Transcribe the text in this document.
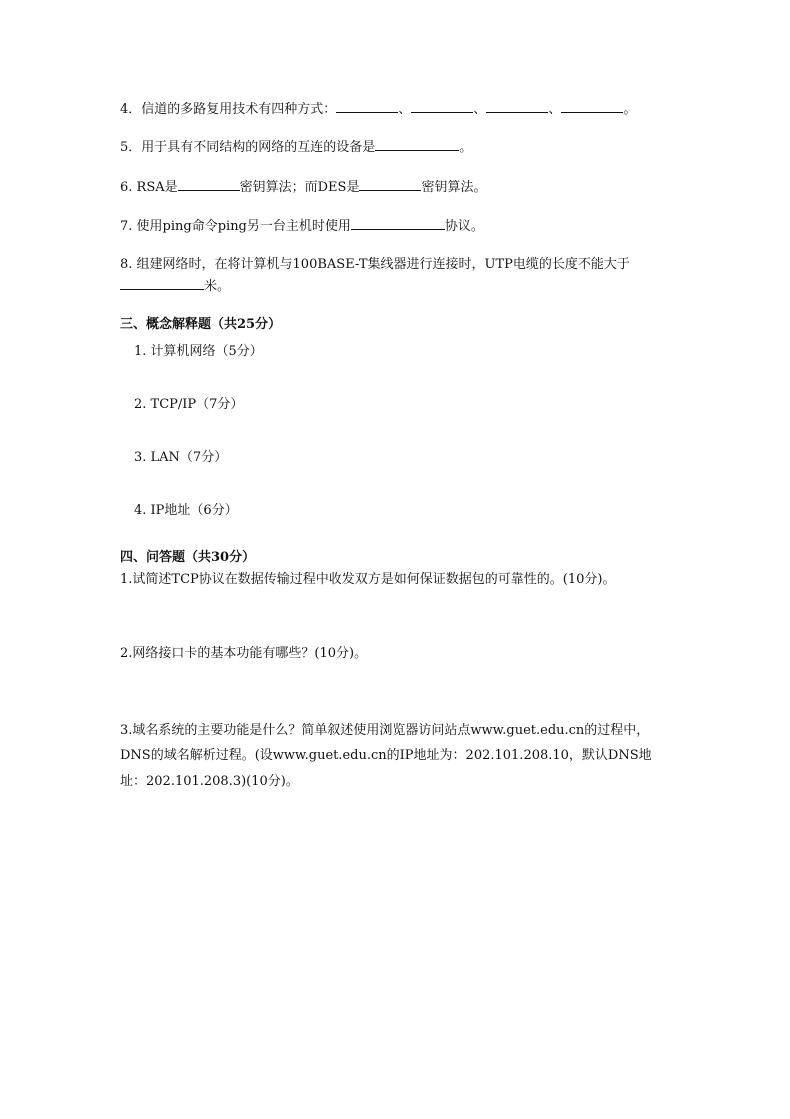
4．信道的多路复用技术有四种方式：	、	、	、	。
5．用于具有不同结构的网络的互连的设备是	。
6. RSA是	密钥算法；而DES是	密钥算法。
7. 使用ping命令ping另一台主机时使用	协议。
8. 组建网络时，在将计算机与100BASE-T集线器进行连接时，UTP电缆的长度不能大于
米。
三、概念解释题（共25分）
1. 计算机网络（5分）
2. TCP/IP（7分）
3. LAN（7分）
4. IP地址（6分）
四、问答题（共30分）
1.试简述TCP协议在数据传输过程中收发双方是如何保证数据包的可靠性的。(10分)。
2.网络接口卡的基本功能有哪些？(10分)。
3.域名系统的主要功能是什么？简单叙述使用浏览器访问站点www.guet.edu.cn的过程中，
DNS的域名解析过程。(设www.guet.edu.cn的IP地址为：202.101.208.10，默认DNS地
址：202.101.208.3)(10分)。
